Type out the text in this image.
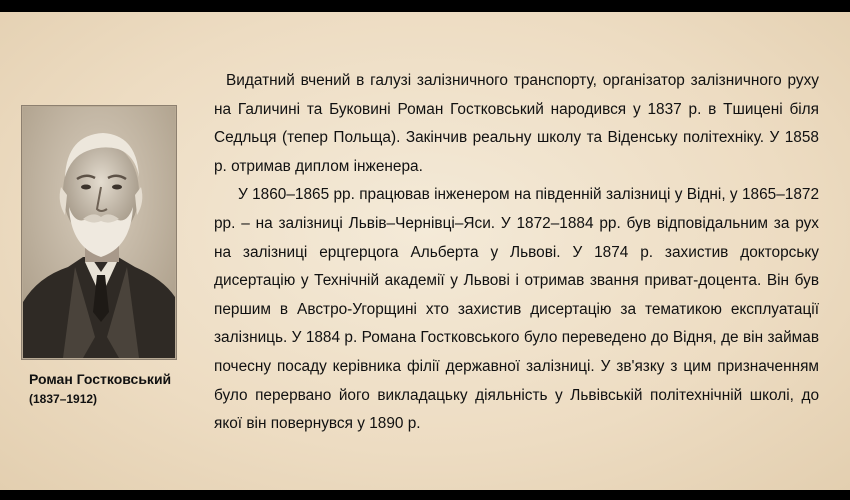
Роман Гостковський
(1837–1912)

Видатний вчений в галузі залізничного транспорту, організатор залізничного руху на Галичині та Буковині Роман Гостковський народився у 1837 р. в Тшицені біля Седльця (тепер Польща). Закінчив реальну школу та Віденську політехніку. У 1858 р. отримав диплом інженера.

У 1860–1865 рр. працював інженером на південній залізниці у Відні, у 1865–1872 рр. – на залізниці Львів–Чернівці–Яси. У 1872–1884 рр. був відповідальним за рух на залізниці ерцгерцога Альберта у Львові. У 1874 р. захистив докторську дисертацію у Технічній академії у Львові і отримав звання приват-доцента. Він був першим в Австро-Угорщині хто захистив дисертацію за тематикою експлуатації залізниць. У 1884 р. Романа Гостковського було переведено до Відня, де він займав почесну посаду керівника філії державної залізниці. У зв'язку з цим призначенням було перервано його викладацьку діяльність у Львівській політехнічній школі, до якої він повернувся у 1890 р.
